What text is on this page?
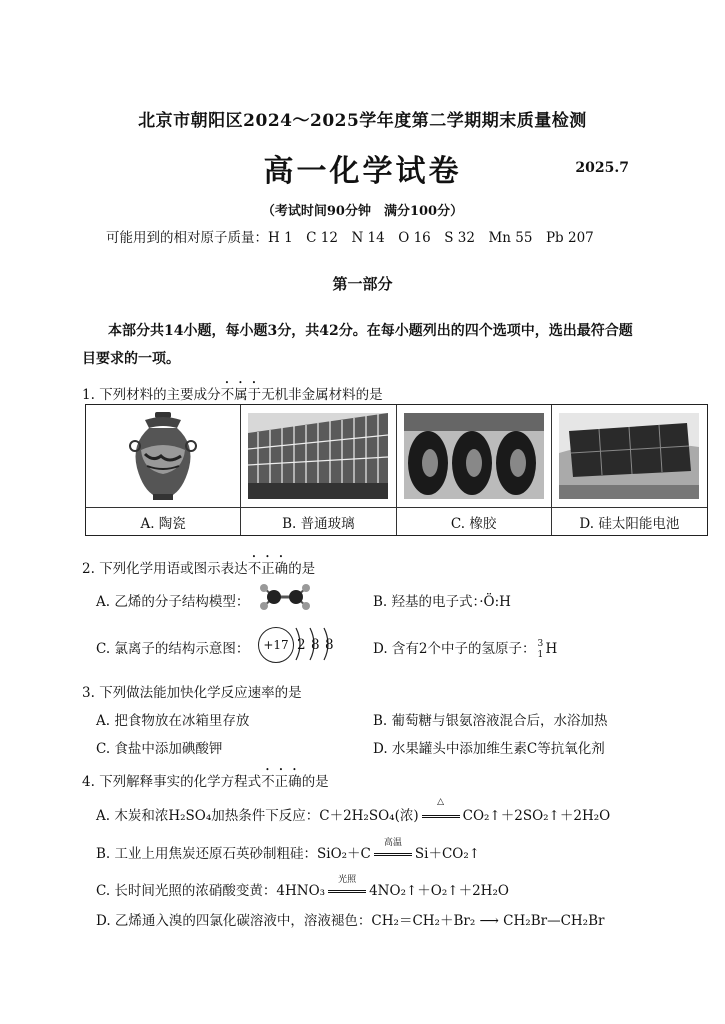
北京市朝阳区2024～2025学年度第二学期期末质量检测
高一化学试卷	2025.7
（考试时间90分钟　满分100分）
可能用到的相对原子质量：H 1　C 12　N 14　O 16　S 32　Mn 55　Pb 207
第一部分
本部分共14小题，每小题3分，共42分。在每小题列出的四个选项中，选出最符合题
目要求的一项。
1. 下列材料的主要成分不属于无机非金属材料的是
A. 陶瓷	B. 普通玻璃	C. 橡胶	D. 硅太阳能电池
2. 下列化学用语或图示表达不正确的是
A. 乙烯的分子结构模型：	B. 羟基的电子式：·Ö:H
C. 氯离子的结构示意图：	+17 2 8 8	D. 含有2个中子的氢原子： 3
1 H
3. 下列做法能加快化学反应速率的是
A. 把食物放在冰箱里存放	B. 葡萄糖与银氨溶液混合后，水浴加热
C. 食盐中添加碘酸钾	D. 水果罐头中添加维生素C等抗氧化剂
4. 下列解释事实的化学方程式不正确的是
A. 木炭和浓H₂SO₄加热条件下反应：C＋2H₂SO₄(浓)
△
CO₂↑＋2SO₂↑＋2H₂O
B. 工业上用焦炭还原石英砂制粗硅：SiO₂＋C
高温
Si＋CO₂↑
C. 长时间光照的浓硝酸变黄：4HNO₃
光照
4NO₂↑＋O₂↑＋2H₂O
D. 乙烯通入溴的四氯化碳溶液中，溶液褪色：CH₂＝CH₂＋Br₂ ⟶ CH₂Br—CH₂Br
